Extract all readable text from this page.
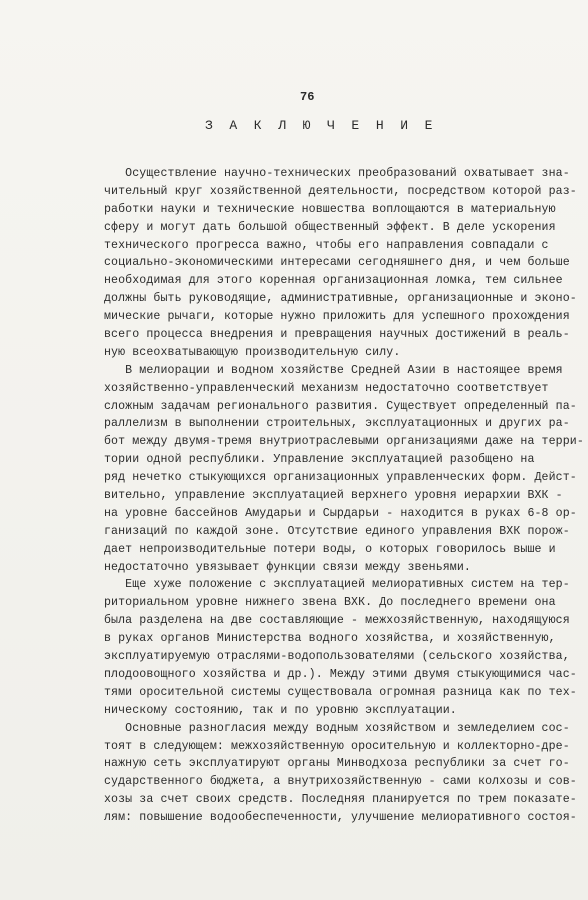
76
З А К Л Ю Ч Е Н И Е
Осуществление научно-технических преобразований охватывает зна-
чительный круг хозяйственной деятельности, посредством которой раз-
работки науки и технические новшества воплощаются в материальную
сферу и могут дать большой общественный эффект. В деле ускорения
технического прогресса важно, чтобы его направления совпадали с
социально-экономическими интересами сегодняшнего дня, и чем больше
необходимая для этого коренная организационная ломка, тем сильнее
должны быть руководящие, административные, организационные и эконо-
мические рычаги, которые нужно приложить для успешного прохождения
всего процесса внедрения и превращения научных достижений в реаль-
ную всеохватывающую производительную силу.
В мелиорации и водном хозяйстве Средней Азии в настоящее время
хозяйственно-управленческий механизм недостаточно соответствует
сложным задачам регионального развития. Существует определенный па-
раллелизм в выполнении строительных, эксплуатационных и других ра-
бот между двумя-тремя внутриотраслевыми организациями даже на терри-
тории одной республики. Управление эксплуатацией разобщено на
ряд нечетко стыкующихся организационных управленческих форм. Дейст-
вительно, управление эксплуатацией верхнего уровня иерархии ВХК -
на уровне бассейнов Амударьи и Сырдарьи - находится в руках 6-8 ор-
ганизаций по каждой зоне. Отсутствие единого управления ВХК порож-
дает непроизводительные потери воды, о которых говорилось выше и
недостаточно увязывает функции связи между звеньями.
Еще хуже положение с эксплуатацией мелиоративных систем на тер-
риториальном уровне нижнего звена ВХК. До последнего времени она
была разделена на две составляющие - межхозяйственную, находящуюся
в руках органов Министерства водного хозяйства, и хозяйственную,
эксплуатируемую отраслями-водопользователями (сельского хозяйства,
плодоовощного хозяйства и др.). Между этими двумя стыкующимися час-
тями оросительной системы существовала огромная разница как по тех-
ническому состоянию, так и по уровню эксплуатации.
Основные разногласия между водным хозяйством и земледелием сос-
тоят в следующем: межхозяйственную оросительную и коллекторно-дре-
нажную сеть эксплуатируют органы Минводхоза республики за счет го-
сударственного бюджета, а внутрихозяйственную - сами колхозы и сов-
хозы за счет своих средств. Последняя планируется по трем показате-
лям: повышение водообеспеченности, улучшение мелиоративного состоя-
